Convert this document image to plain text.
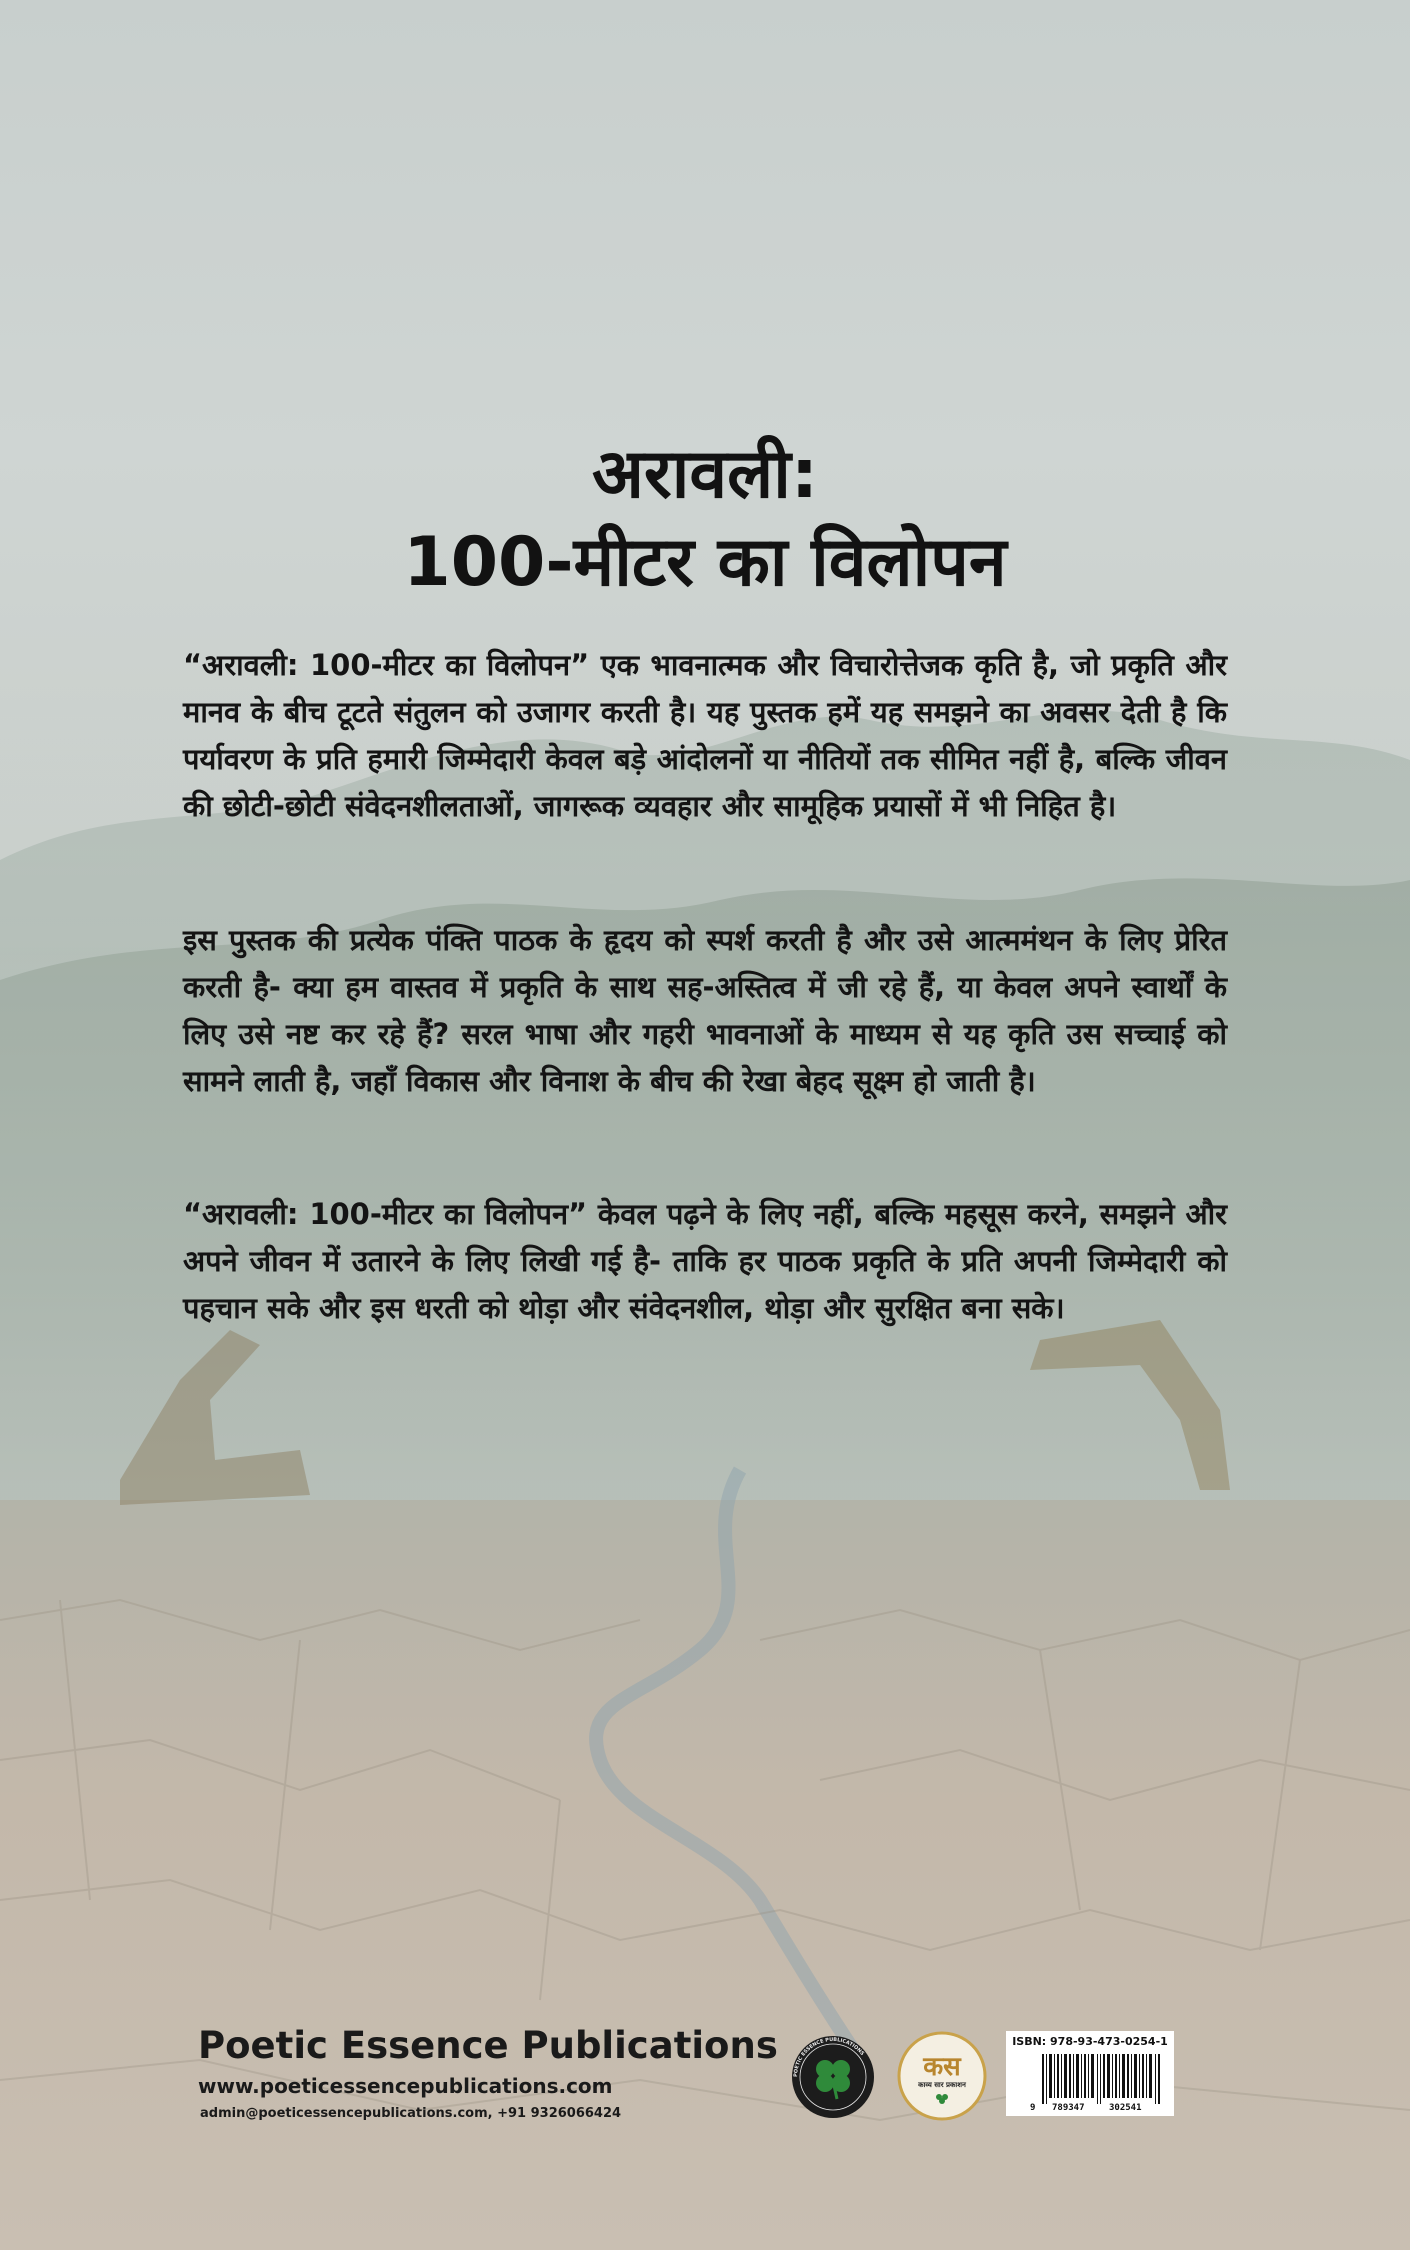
अरावली:
100-मीटर का विलोपन
“अरावली: 100-मीटर का विलोपन” एक भावनात्मक और विचारोत्तेजक कृति है, जो प्रकृति और मानव के बीच टूटते संतुलन को उजागर करती है। यह पुस्तक हमें यह समझने का अवसर देती है कि पर्यावरण के प्रति हमारी जिम्मेदारी केवल बड़े आंदोलनों या नीतियों तक सीमित नहीं है, बल्कि जीवन की छोटी-छोटी संवेदनशीलताओं, जागरूक व्यवहार और सामूहिक प्रयासों में भी निहित है।
इस पुस्तक की प्रत्येक पंक्ति पाठक के हृदय को स्पर्श करती है और उसे आत्ममंथन के लिए प्रेरित करती है- क्या हम वास्तव में प्रकृति के साथ सह-अस्तित्व में जी रहे हैं, या केवल अपने स्वार्थों के लिए उसे नष्ट कर रहे हैं? सरल भाषा और गहरी भावनाओं के माध्यम से यह कृति उस सच्चाई को सामने लाती है, जहाँ विकास और विनाश के बीच की रेखा बेहद सूक्ष्म हो जाती है।
“अरावली: 100-मीटर का विलोपन” केवल पढ़ने के लिए नहीं, बल्कि महसूस करने, समझने और अपने जीवन में उतारने के लिए लिखी गई है- ताकि हर पाठक प्रकृति के प्रति अपनी जिम्मेदारी को पहचान सके और इस धरती को थोड़ा और संवेदनशील, थोड़ा और सुरक्षित बना सके।
Poetic Essence Publications
www.poeticessencepublications.com
admin@poeticessencepublications.com, +91 9326066424
POETIC ESSENCE PUBLICATIONS कस
काव्य सार प्रकाशन
ISBN: 978-93-473-0254-1
9 789347	302541
